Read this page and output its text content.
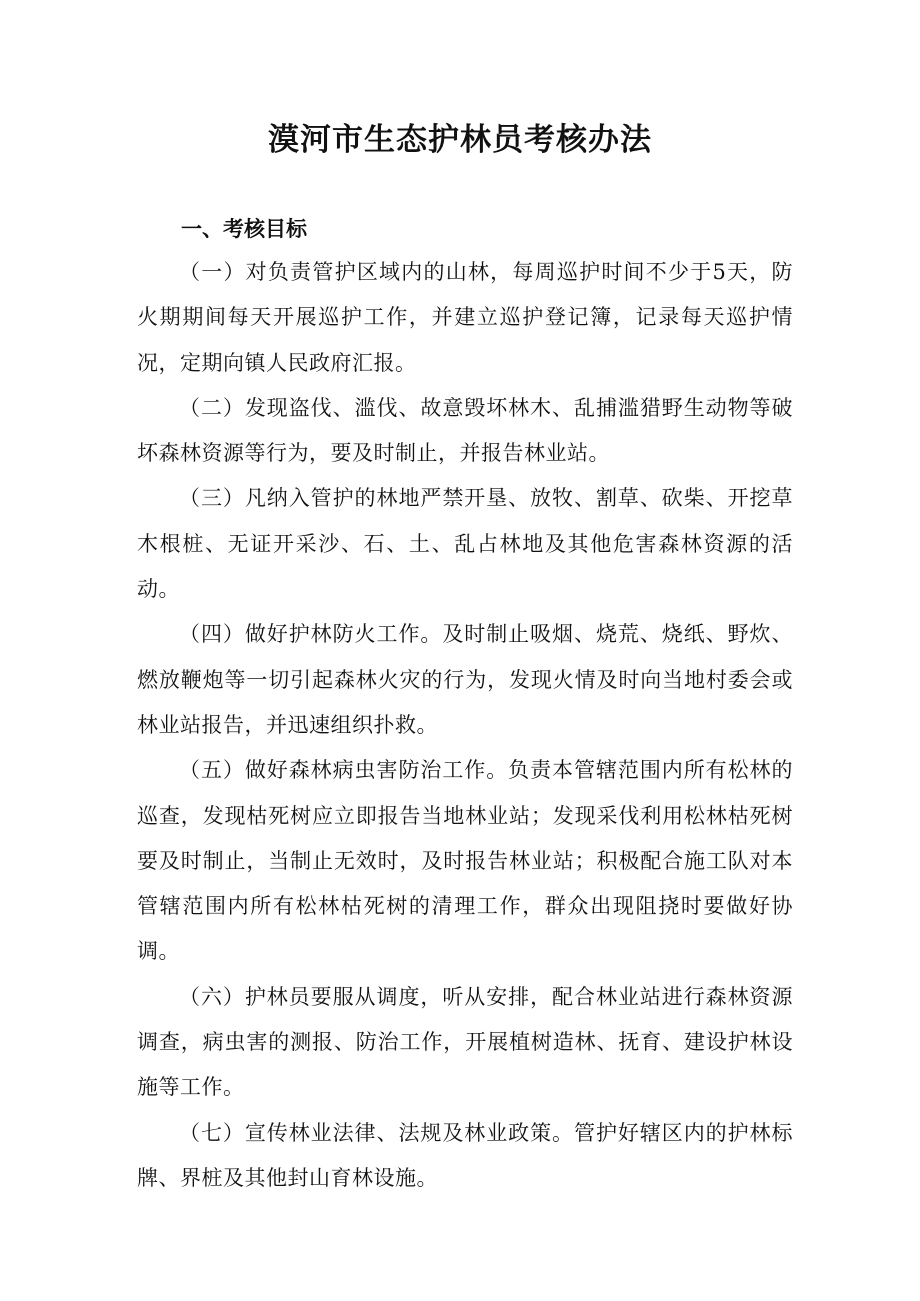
漠河市生态护林员考核办法

一、考核目标

（一）对负责管护区域内的山林，每周巡护时间不少于5天，防火期期间每天开展巡护工作，并建立巡护登记簿，记录每天巡护情况，定期向镇人民政府汇报。

（二）发现盗伐、滥伐、故意毁坏林木、乱捕滥猎野生动物等破坏森林资源等行为，要及时制止，并报告林业站。

（三）凡纳入管护的林地严禁开垦、放牧、割草、砍柴、开挖草木根桩、无证开采沙、石、土、乱占林地及其他危害森林资源的活动。

（四）做好护林防火工作。及时制止吸烟、烧荒、烧纸、野炊、燃放鞭炮等一切引起森林火灾的行为，发现火情及时向当地村委会或林业站报告，并迅速组织扑救。

（五）做好森林病虫害防治工作。负责本管辖范围内所有松林的巡查，发现枯死树应立即报告当地林业站；发现采伐利用松林枯死树要及时制止，当制止无效时，及时报告林业站；积极配合施工队对本管辖范围内所有松林枯死树的清理工作，群众出现阻挠时要做好协调。

（六）护林员要服从调度，听从安排，配合林业站进行森林资源调查，病虫害的测报、防治工作，开展植树造林、抚育、建设护林设施等工作。

（七）宣传林业法律、法规及林业政策。管护好辖区内的护林标牌、界桩及其他封山育林设施。
